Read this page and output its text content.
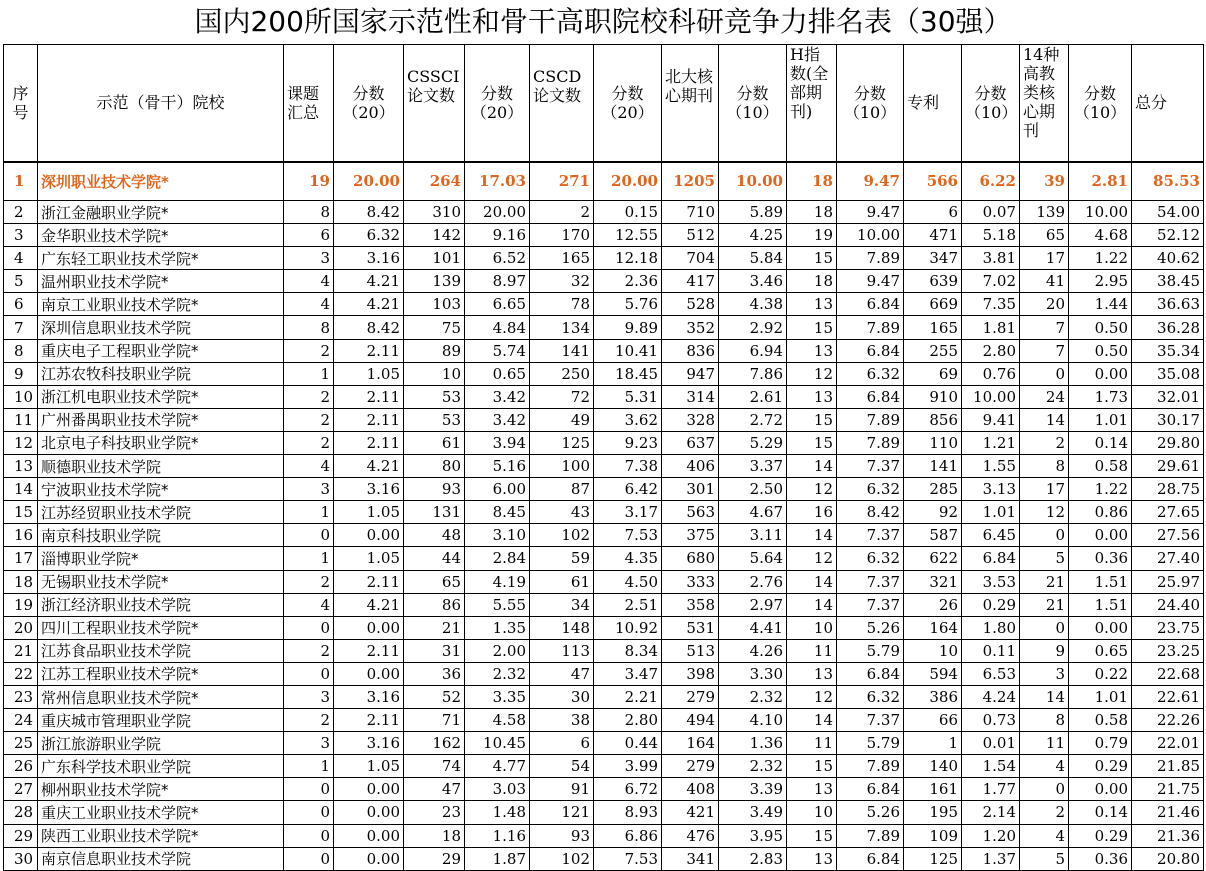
国内200所国家示范性和骨干高职院校科研竞争力排名表（30强）
序号	示范（骨干）院校	课题汇总	分数（20）	CSSCI论文数	分数（20）	CSCD论文数	分数（20）	北大核心期刊	分数（10）	H指数(全部期刊)	分数（10）	专利	分数（10）	14种高教类核心期刊	分数（10）	总分
1	深圳职业技术学院*	19	20.00	264	17.03	271	20.00	1205	10.00	18	9.47	566	6.22	39	2.81	85.53
2	浙江金融职业学院*	8	8.42	310	20.00	2	0.15	710	5.89	18	9.47	6	0.07	139	10.00	54.00
3	金华职业技术学院*	6	6.32	142	9.16	170	12.55	512	4.25	19	10.00	471	5.18	65	4.68	52.12
4	广东轻工职业技术学院*	3	3.16	101	6.52	165	12.18	704	5.84	15	7.89	347	3.81	17	1.22	40.62
5	温州职业技术学院*	4	4.21	139	8.97	32	2.36	417	3.46	18	9.47	639	7.02	41	2.95	38.45
6	南京工业职业技术学院*	4	4.21	103	6.65	78	5.76	528	4.38	13	6.84	669	7.35	20	1.44	36.63
7	深圳信息职业技术学院	8	8.42	75	4.84	134	9.89	352	2.92	15	7.89	165	1.81	7	0.50	36.28
8	重庆电子工程职业学院*	2	2.11	89	5.74	141	10.41	836	6.94	13	6.84	255	2.80	7	0.50	35.34
9	江苏农牧科技职业学院	1	1.05	10	0.65	250	18.45	947	7.86	12	6.32	69	0.76	0	0.00	35.08
10	浙江机电职业技术学院*	2	2.11	53	3.42	72	5.31	314	2.61	13	6.84	910	10.00	24	1.73	32.01
11	广州番禺职业技术学院*	2	2.11	53	3.42	49	3.62	328	2.72	15	7.89	856	9.41	14	1.01	30.17
12	北京电子科技职业学院*	2	2.11	61	3.94	125	9.23	637	5.29	15	7.89	110	1.21	2	0.14	29.80
13	顺德职业技术学院	4	4.21	80	5.16	100	7.38	406	3.37	14	7.37	141	1.55	8	0.58	29.61
14	宁波职业技术学院*	3	3.16	93	6.00	87	6.42	301	2.50	12	6.32	285	3.13	17	1.22	28.75
15	江苏经贸职业技术学院	1	1.05	131	8.45	43	3.17	563	4.67	16	8.42	92	1.01	12	0.86	27.65
16	南京科技职业学院	0	0.00	48	3.10	102	7.53	375	3.11	14	7.37	587	6.45	0	0.00	27.56
17	淄博职业学院*	1	1.05	44	2.84	59	4.35	680	5.64	12	6.32	622	6.84	5	0.36	27.40
18	无锡职业技术学院*	2	2.11	65	4.19	61	4.50	333	2.76	14	7.37	321	3.53	21	1.51	25.97
19	浙江经济职业技术学院	4	4.21	86	5.55	34	2.51	358	2.97	14	7.37	26	0.29	21	1.51	24.40
20	四川工程职业技术学院*	0	0.00	21	1.35	148	10.92	531	4.41	10	5.26	164	1.80	0	0.00	23.75
21	江苏食品职业技术学院	2	2.11	31	2.00	113	8.34	513	4.26	11	5.79	10	0.11	9	0.65	23.25
22	江苏工程职业技术学院*	0	0.00	36	2.32	47	3.47	398	3.30	13	6.84	594	6.53	3	0.22	22.68
23	常州信息职业技术学院*	3	3.16	52	3.35	30	2.21	279	2.32	12	6.32	386	4.24	14	1.01	22.61
24	重庆城市管理职业学院	2	2.11	71	4.58	38	2.80	494	4.10	14	7.37	66	0.73	8	0.58	22.26
25	浙江旅游职业学院	3	3.16	162	10.45	6	0.44	164	1.36	11	5.79	1	0.01	11	0.79	22.01
26	广东科学技术职业学院	1	1.05	74	4.77	54	3.99	279	2.32	15	7.89	140	1.54	4	0.29	21.85
27	柳州职业技术学院*	0	0.00	47	3.03	91	6.72	408	3.39	13	6.84	161	1.77	0	0.00	21.75
28	重庆工业职业技术学院*	0	0.00	23	1.48	121	8.93	421	3.49	10	5.26	195	2.14	2	0.14	21.46
29	陕西工业职业技术学院*	0	0.00	18	1.16	93	6.86	476	3.95	15	7.89	109	1.20	4	0.29	21.36
30	南京信息职业技术学院	0	0.00	29	1.87	102	7.53	341	2.83	13	6.84	125	1.37	5	0.36	20.80
